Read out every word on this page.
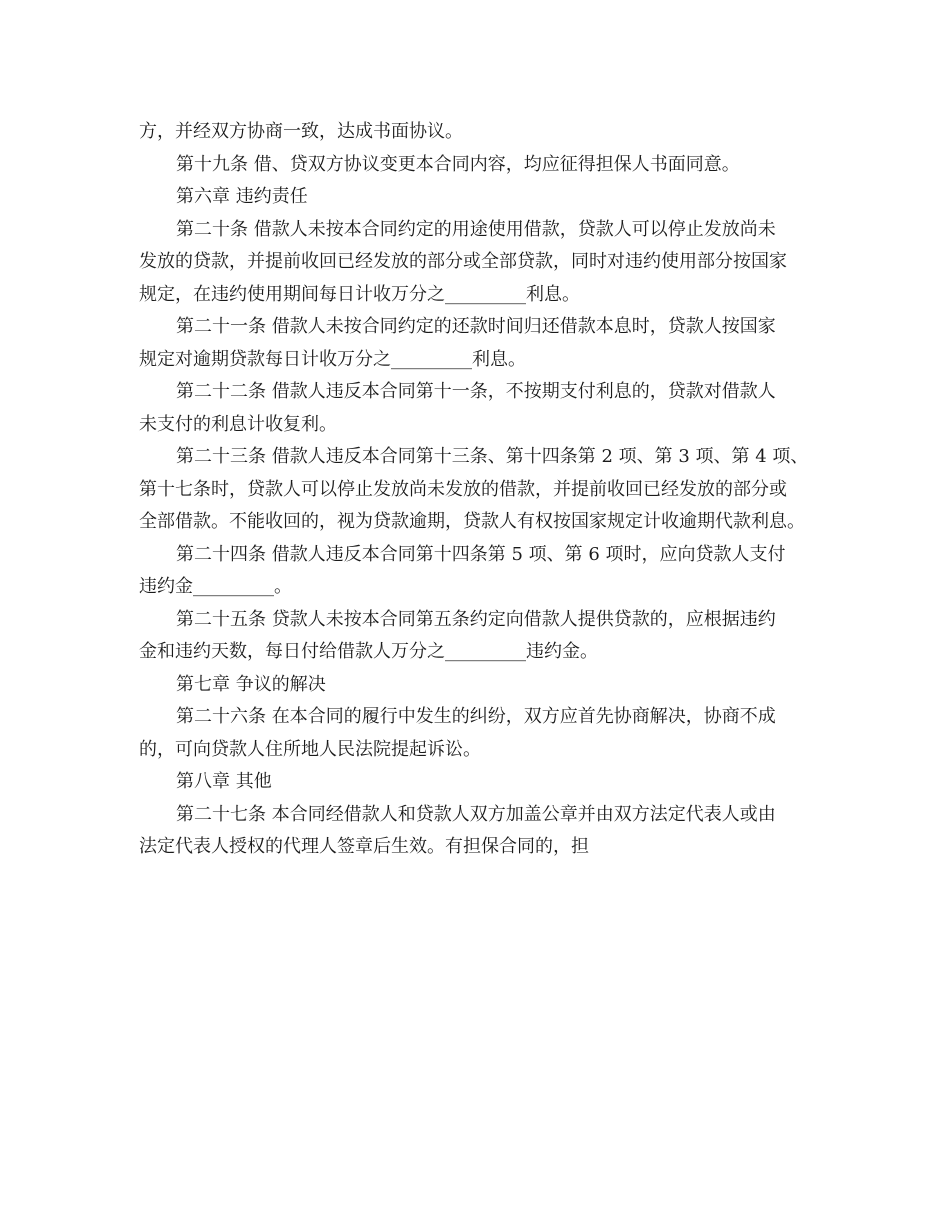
方，并经双方协商一致，达成书面协议。
第十九条 借、贷双方协议变更本合同内容，均应征得担保人书面同意。
第六章 违约责任
第二十条 借款人未按本合同约定的用途使用借款，贷款人可以停止发放尚未
发放的贷款，并提前收回已经发放的部分或全部贷款，同时对违约使用部分按国家
规定，在违约使用期间每日计收万分之_________利息。
第二十一条 借款人未按合同约定的还款时间归还借款本息时，贷款人按国家
规定对逾期贷款每日计收万分之_________利息。
第二十二条 借款人违反本合同第十一条，不按期支付利息的，贷款对借款人
未支付的利息计收复利。
第二十三条 借款人违反本合同第十三条、第十四条第 2 项、第 3 项、第 4 项、
第十七条时，贷款人可以停止发放尚未发放的借款，并提前收回已经发放的部分或
全部借款。不能收回的，视为贷款逾期，贷款人有权按国家规定计收逾期代款利息。
第二十四条 借款人违反本合同第十四条第 5 项、第 6 项时，应向贷款人支付
违约金_________。
第二十五条 贷款人未按本合同第五条约定向借款人提供贷款的，应根据违约
金和违约天数，每日付给借款人万分之_________违约金。
第七章 争议的解决
第二十六条 在本合同的履行中发生的纠纷，双方应首先协商解决，协商不成
的，可向贷款人住所地人民法院提起诉讼。
第八章 其他
第二十七条 本合同经借款人和贷款人双方加盖公章并由双方法定代表人或由
法定代表人授权的代理人签章后生效。有担保合同的，担
